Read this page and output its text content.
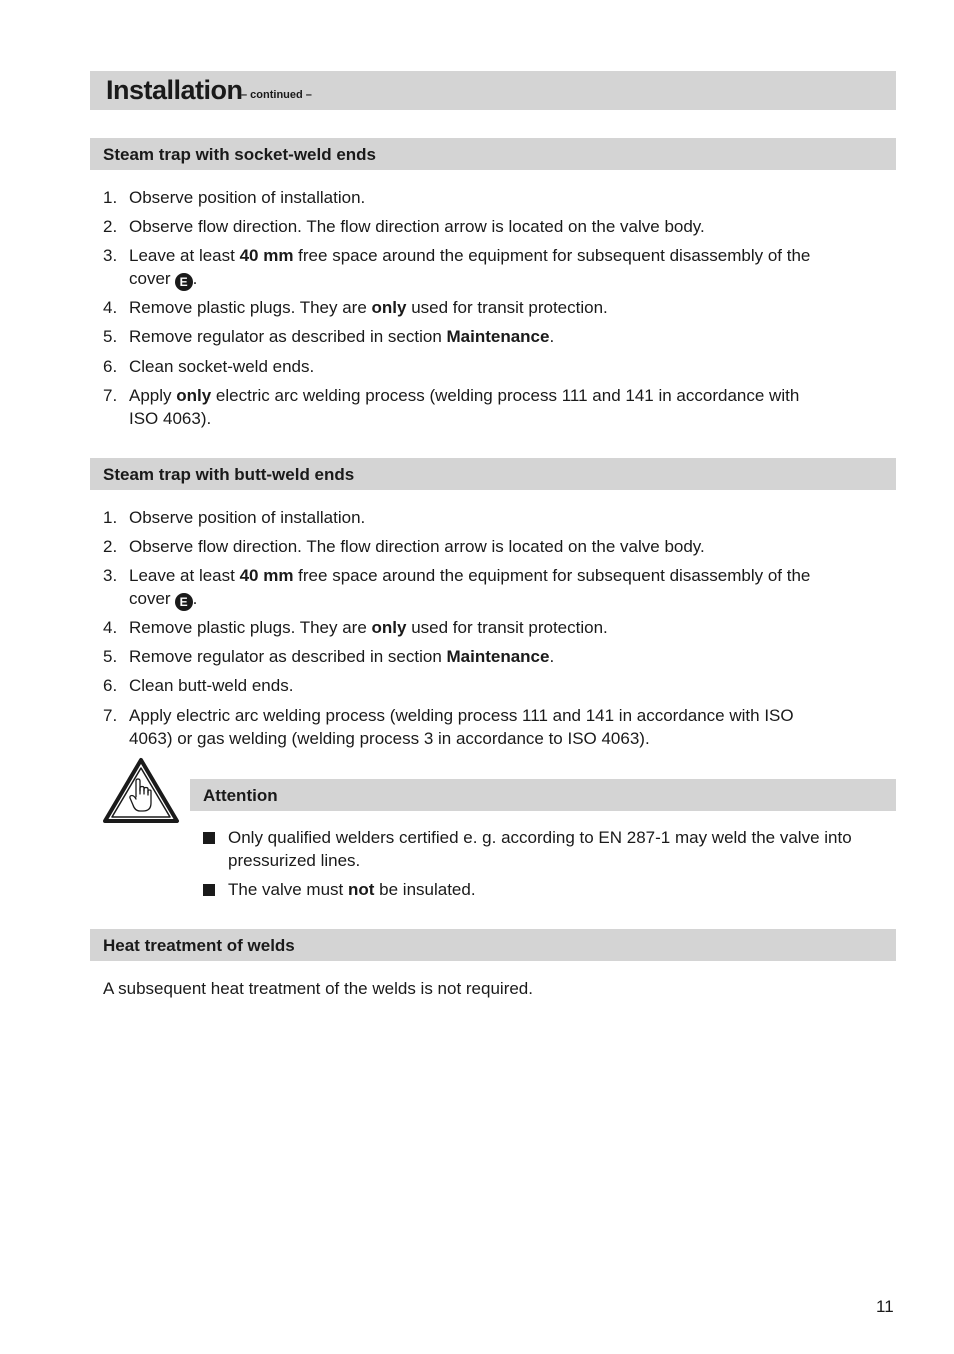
Installation
– continued –
Steam trap with socket-weld ends
1. Observe position of installation.
2. Observe flow direction. The flow direction arrow is located on the valve body.
3. Leave at least 40 mm free space around the equipment for subsequent disassembly of the cover E .
4. Remove plastic plugs. They are only used for transit protection.
5. Remove regulator as described in section Maintenance.
6. Clean socket-weld ends.
7. Apply only electric arc welding process (welding process 111 and 141 in accordance with ISO 4063).
Steam trap with butt-weld ends
1. Observe position of installation.
2. Observe flow direction. The flow direction arrow is located on the valve body.
3. Leave at least 40 mm free space around the equipment for subsequent disassembly of the cover E .
4. Remove plastic plugs. They are only used for transit protection.
5. Remove regulator as described in section Maintenance.
6. Clean butt-weld ends.
7. Apply electric arc welding process (welding process 111 and 141 in accordance with ISO 4063) or gas welding (welding process 3 in accordance to ISO 4063).
Attention
Only qualified welders certified e. g. according to EN 287-1 may weld the valve into pressurized lines.
The valve must not be insulated.
Heat treatment of welds
A subsequent heat treatment of the welds is not required.
11
